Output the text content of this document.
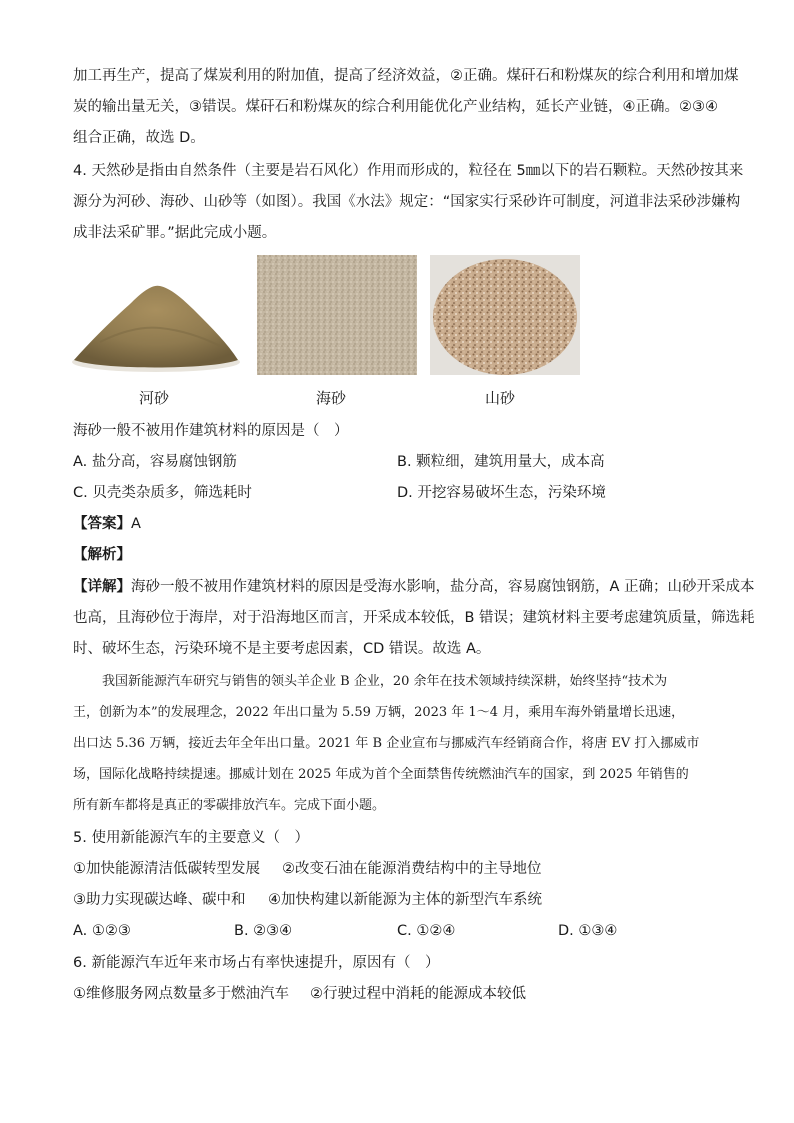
加工再生产，提高了煤炭利用的附加值，提高了经济效益，②正确。煤矸石和粉煤灰的综合利用和增加煤
炭的输出量无关，③错误。煤矸石和粉煤灰的综合利用能优化产业结构，延长产业链，④正确。②③④
组合正确，故选 D。
4. 天然砂是指由自然条件（主要是岩石风化）作用而形成的，粒径在 5㎜以下的岩石颗粒。天然砂按其来
源分为河砂、海砂、山砂等（如图）。我国《水法》规定：“国家实行采砂许可制度，河道非法采砂涉嫌构
成非法采矿罪。”据此完成小题。
河砂	海砂	山砂
海砂一般不被用作建筑材料的原因是（　）
A. 盐分高，容易腐蚀钢筋	B. 颗粒细，建筑用量大，成本高
C. 贝壳类杂质多，筛选耗时	D. 开挖容易破坏生态，污染环境
【答案】A
【解析】
【详解】海砂一般不被用作建筑材料的原因是受海水影响，盐分高，容易腐蚀钢筋，A 正确；山砂开采成本
也高，且海砂位于海岸，对于沿海地区而言，开采成本较低，B 错误；建筑材料主要考虑建筑质量，筛选耗
时、破坏生态，污染环境不是主要考虑因素，CD 错误。故选 A。
我国新能源汽车研究与销售的领头羊企业 B 企业，20 余年在技术领域持续深耕，始终坚持“技术为
王，创新为本”的发展理念，2022 年出口量为 5.59 万辆，2023 年 1～4 月，乘用车海外销量增长迅速，
出口达 5.36 万辆，接近去年全年出口量。2021 年 B 企业宣布与挪威汽车经销商合作，将唐 EV 打入挪威市
场，国际化战略持续提速。挪威计划在 2025 年成为首个全面禁售传统燃油汽车的国家，到 2025 年销售的
所有新车都将是真正的零碳排放汽车。完成下面小题。
5. 使用新能源汽车的主要意义（　）
①加快能源清洁低碳转型发展 ②改变石油在能源消费结构中的主导地位
③助力实现碳达峰、碳中和 ④加快构建以新能源为主体的新型汽车系统
A. ①②③	B. ②③④	C. ①②④	D. ①③④
6. 新能源汽车近年来市场占有率快速提升，原因有（　）
①维修服务网点数量多于燃油汽车 ②行驶过程中消耗的能源成本较低
